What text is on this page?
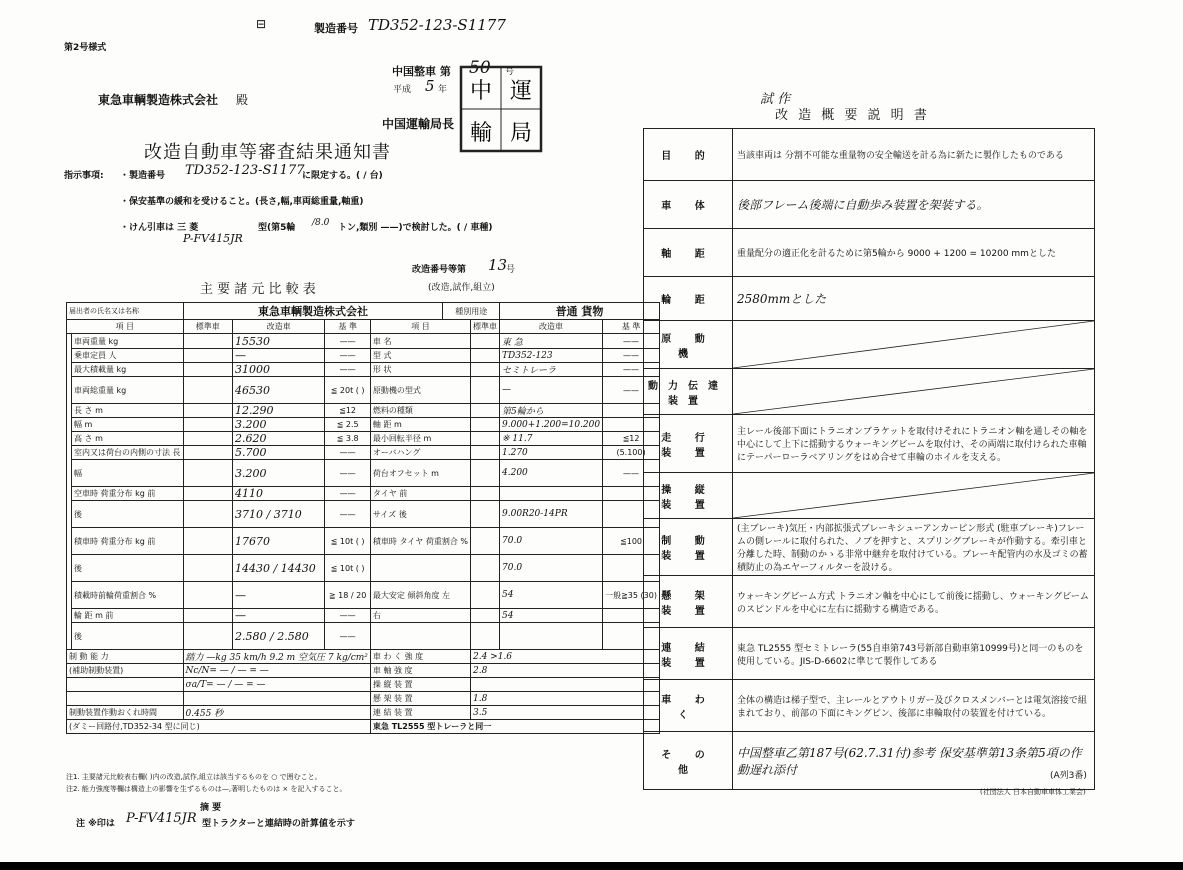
第2号様式
⊟	製造番号 TD352-123-S1177
中国整車 第 50 号
平成 5 年
東急車輌製造株式会社 殿
中国運輸局長
中 運
輸 局
改造自動車等審査結果通知書
指示事項: ・製造番号 TD352-123-S1177
に限定する。( / 台)
・保安基準の緩和を受けること。(長さ,幅,車両総重量,軸重)
・けん引車は 三 菱
P-FV415JR
型(第5輪 /8.0 トン,類別 ——)で検討した。( / 車種)
改造番号等第 13
号
主 要 諸 元 比 較 表	(改造,試作,組立)
届出者の氏名又は名称		東急車輌製造株式会社				種別用途		普通 貨物	
項 目		標準車	改造車	基 準	項 目		標準車	改造車	基 準
	車両重量 kg		15530	——	車 名			東 急	——
	乗車定員 人		—	——	型 式			TD352-123	——
	最大積載量 kg		31000	——	形 状			セミトレーラ	——
	車両総重量 kg		46530	≦ 20t ( )	原動機の型式			—	——
	長 さ m		12.290	≦12	燃料の種類			第5輪から	
	幅 m		3.200	≦ 2.5	軸 距 m			9.000+1.200=10.200	
	高 さ m		2.620	≦ 3.8	最小回転半径 m			※ 11.7	≦12
	室内又は荷台の内側の寸法 長		5.700	——	オーバハング			1.270	(5.100)
	幅		3.200	——	荷台オフセット m			4.200	——
	空車時 荷重分布 kg 前		4110	——	タイヤ 前				
	後		3710 / 3710	——	サイズ 後			9.00R20-14PR	
	積車時 荷重分布 kg 前		17670	≦ 10t ( )	積車時 タイヤ 荷重割合 %			70.0	≦100
	後		14430 / 14430	≦ 10t ( )				70.0	
	積載時前輪荷重割合 %		—	≧ 18 / 20	最大安定 傾斜角度 左			54	一般≧35 (30)
	輪 距 m 前		—	——	右			54	
	後		2.580 / 2.580	——					
制 動 能 力		踏力 —kg 35 km/h 9.2 m 空気圧 7 kg/cm²			車 わ く 強 度		2.4 >1.6		
(補助制動装置)		Nc/N= — / — = —			車 軸 強 度		2.8		
		σa/T= — / — = —			操 縦 装 置				
					懸 架 装 置		1.8		
制動装置作動おくれ時間		0.455 秒			連 結 装 置		3.5		
(ダミー回路付,TD352-34 型に同じ)					東急 TL2555 型トレーラと同一				
注1. 主要諸元比較表右欄( )内の改造,試作,組立は該当するものを ○ で囲むこと。
注2. 能力強度等欄は構造上の影響を生ずるものは—,著明したものは × を記入すること。
摘 要
注 ※印は P-FV415JR 型トラクターと連結時の計算値を示す
試 作
改 造 概 要 説 明 書
目 的	当該車両は 分割不可能な重量物の安全輸送を計る為に新たに製作したものである
車 体	後部フレーム後端に自動歩み装置を架装する。
軸 距	重量配分の適正化を計るために第5輪から 9000 + 1200 = 10200 mmとした
輪 距	2580mmとした
原 動 機	

動力伝達装置	

走 行 装 置	主レール後部下面にトラニオンブラケットを取付けそれにトラニオン軸を通しその軸を中心にして上下に揺動するウォーキングビームを取付け、その両端に取付けられた車軸にテーパーローラベアリングをはめ合せて車輪のホイルを支える。
操 縦 装 置	

制 動 装 置	(主ブレーキ)気圧・内部拡張式ブレーキシューアンカーピン形式 (駐車ブレーキ)フレームの側レールに取付られた、ノブを押すと、スプリングブレーキが作動する。牽引車と分離した時、制動のかゝる非常中継弁を取付けている。ブレーキ配管内の水及ゴミの蓄積防止の為エヤーフィルターを設ける。
懸 架 装 置	ウォーキングビーム方式 トラニオン軸を中心にして前後に揺動し、ウォーキングビームのスピンドルを中心に左右に揺動する構造である。
連 結 装 置	東急 TL2555 型セミトレーラ(55自車第743号新部自動車第10999号)と同一のものを使用している。JIS-D-6602に準じて製作してある
車 わ く	全体の構造は梯子型で、主レールとアウトリガー及びクロスメンバーとは電気溶接で組まれており、前部の下面にキングピン、後部に車輪取付の装置を付けている。
そ の 他	中国整車乙第187号(62.7.31付)参考 保安基準第13条第5項の作動遅れ添付	(A列3番)
(社団法人 日本自動車車体工業会)
